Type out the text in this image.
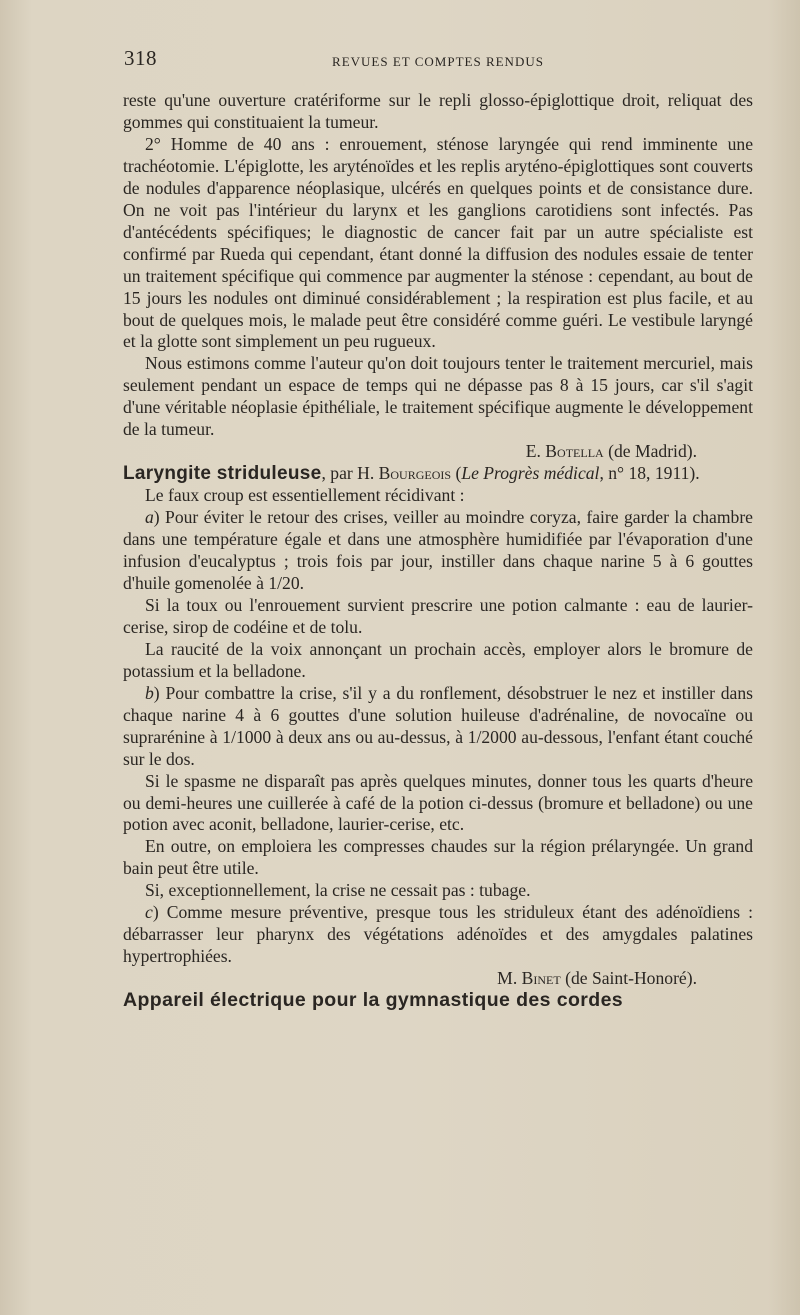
318	REVUES ET COMPTES RENDUS

reste qu'une ouverture cratériforme sur le repli glosso-épiglottique droit, reliquat des gommes qui constituaient la tumeur.

2° Homme de 40 ans : enrouement, sténose laryngée qui rend imminente une trachéotomie. L'épiglotte, les aryténoïdes et les replis aryténo-épiglottiques sont couverts de nodules d'apparence néoplasique, ulcérés en quelques points et de consistance dure. On ne voit pas l'intérieur du larynx et les ganglions carotidiens sont infectés. Pas d'antécédents spécifiques; le diagnostic de cancer fait par un autre spécialiste est confirmé par Rueda qui cependant, étant donné la diffusion des nodules essaie de tenter un traitement spécifique qui commence par augmenter la sténose : cependant, au bout de 15 jours les nodules ont diminué considérablement ; la respiration est plus facile, et au bout de quelques mois, le malade peut être considéré comme guéri. Le vestibule laryngé et la glotte sont simplement un peu rugueux.

Nous estimons comme l'auteur qu'on doit toujours tenter le traitement mercuriel, mais seulement pendant un espace de temps qui ne dépasse pas 8 à 15 jours, car s'il s'agit d'une véritable néoplasie épithéliale, le traitement spécifique augmente le développement de la tumeur.

E. Botella (de Madrid).

Laryngite striduleuse, par H. Bourgeois (Le Progrès médical, n° 18, 1911).

Le faux croup est essentiellement récidivant :

a) Pour éviter le retour des crises, veiller au moindre coryza, faire garder la chambre dans une température égale et dans une atmosphère humidifiée par l'évaporation d'une infusion d'eucalyptus ; trois fois par jour, instiller dans chaque narine 5 à 6 gouttes d'huile gomenolée à 1/20.

Si la toux ou l'enrouement survient prescrire une potion calmante : eau de laurier-cerise, sirop de codéine et de tolu.

La raucité de la voix annonçant un prochain accès, employer alors le bromure de potassium et la belladone.

b) Pour combattre la crise, s'il y a du ronflement, désobstruer le nez et instiller dans chaque narine 4 à 6 gouttes d'une solution huileuse d'adrénaline, de novocaïne ou suprarénine à 1/1000 à deux ans ou au-dessus, à 1/2000 au-dessous, l'enfant étant couché sur le dos.

Si le spasme ne disparaît pas après quelques minutes, donner tous les quarts d'heure ou demi-heures une cuillerée à café de la potion ci-dessus (bromure et belladone) ou une potion avec aconit, belladone, laurier-cerise, etc.

En outre, on emploiera les compresses chaudes sur la région prélaryngée. Un grand bain peut être utile.

Si, exceptionnellement, la crise ne cessait pas : tubage.

c) Comme mesure préventive, presque tous les striduleux étant des adénoïdiens : débarrasser leur pharynx des végétations adénoïdes et des amygdales palatines hypertrophiées.

M. Binet (de Saint-Honoré).

Appareil électrique pour la gymnastique des cordes
